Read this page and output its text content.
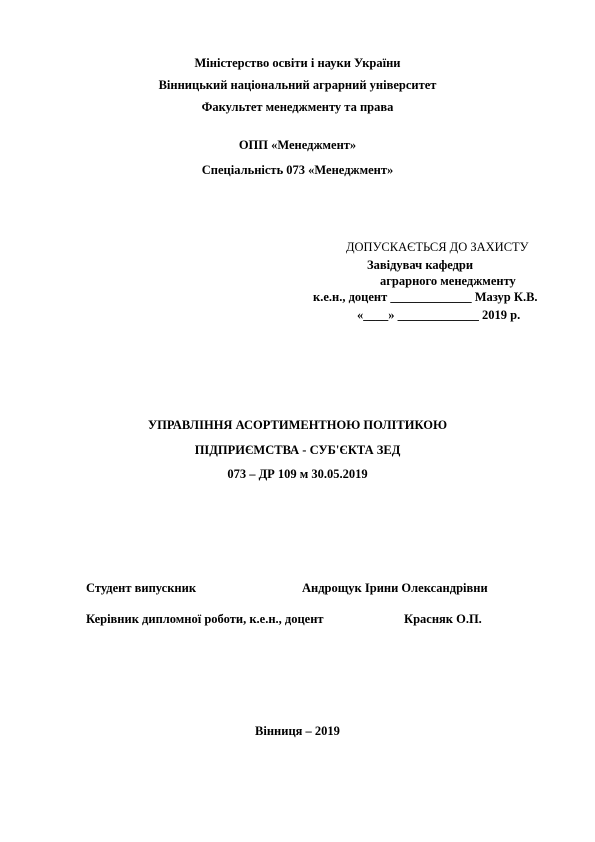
Міністерство освіти і науки України
Вінницький національний аграрний університет
Факультет менеджменту та права
ОПП «Менеджмент»
Спеціальність 073 «Менеджмент»
ДОПУСКАЄТЬСЯ ДО ЗАХИСТУ
Завідувач кафедри
аграрного менеджменту
к.е.н., доцент _____________ Мазур К.В.
«____» _____________ 2019 р.
УПРАВЛІННЯ АСОРТИМЕНТНОЮ ПОЛІТИКОЮ
ПІДПРИЄМСТВА - СУБ'ЄКТА ЗЕД
073 – ДР 109 м 30.05.2019
Студент випускник	Андрощук Ірини Олександрівни
Керівник дипломної роботи, к.е.н., доцент	Красняк О.П.
Вінниця – 2019
